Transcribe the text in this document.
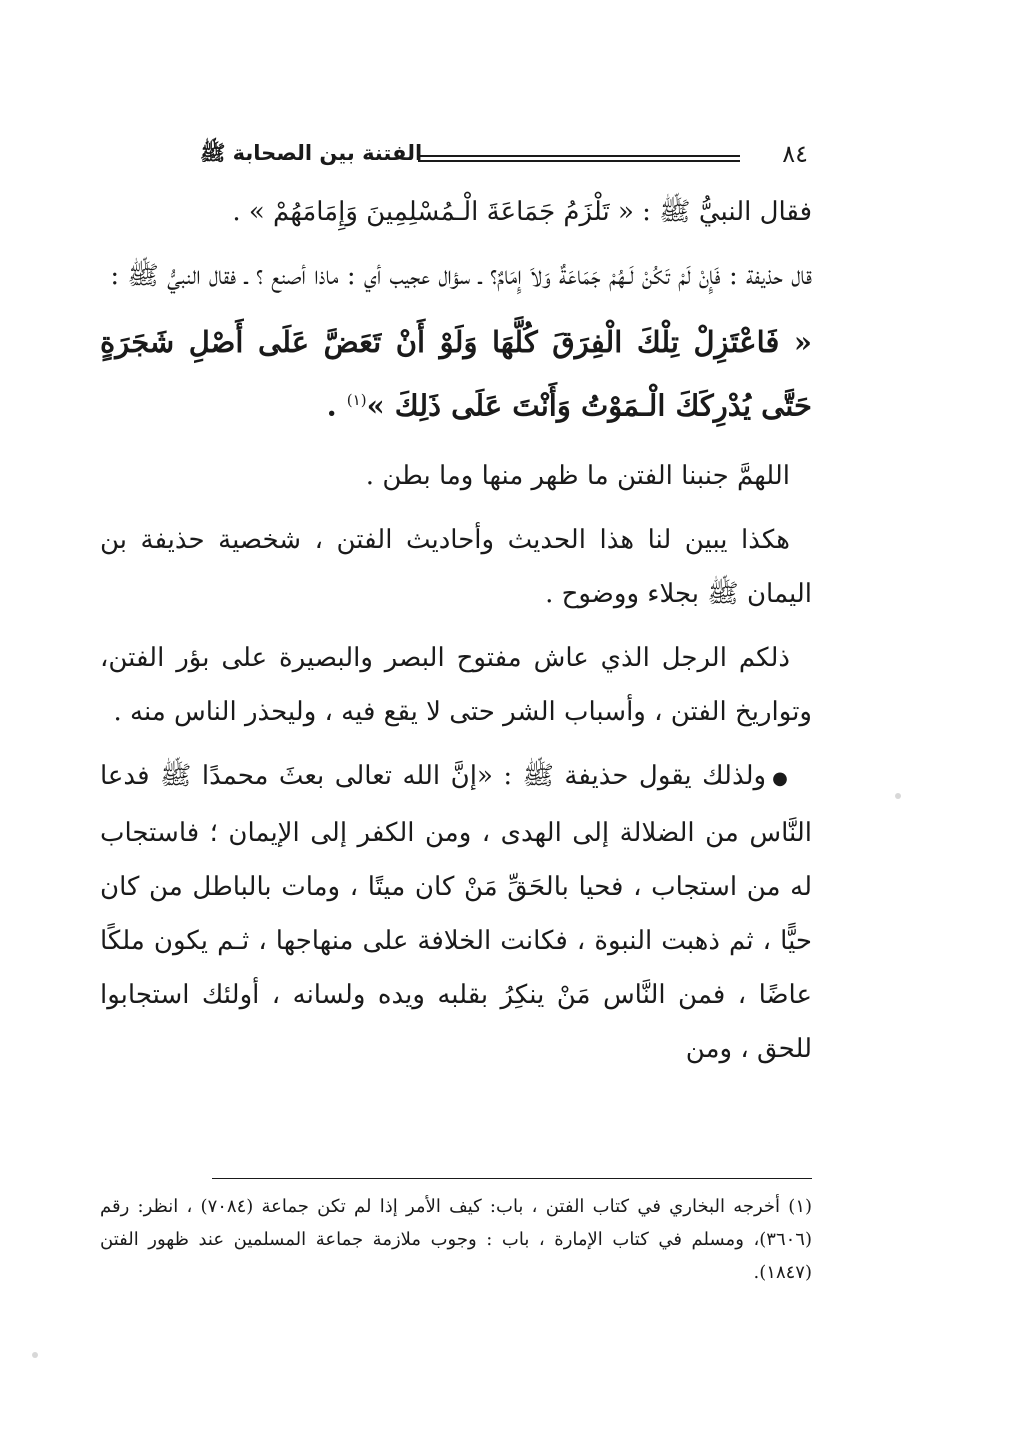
الفتنة بين الصحابة ﷺ	٨٤

فقال النبيُّ ﷺ : « تَلْزَمُ جَمَاعَةَ الْـمُسْلِمِينَ وَإِمَامَهُمْ » .

قال حذيفة : فَإِنْ لَمْ تَكُنْ لَـهُمْ جَمَاعَةٌ وَلاَ إِمَامٌ؟ ـ سؤال عجيب أي : ماذا أصنع ؟ ـ فقال النبيُّ ﷺ :

« فَاعْتَزِلْ تِلْكَ الْفِرَقَ كُلَّهَا وَلَوْ أَنْ تَعَضَّ عَلَى أَصْلِ شَجَرَةٍ حَتَّى يُدْرِكَكَ الْـمَوْتُ وَأَنْتَ عَلَى ذَلِكَ »$^{(١)}$ .

اللهمَّ جنبنا الفتن ما ظهر منها وما بطن .

هكذا يبين لنا هذا الحديث وأحاديث الفتن ، شخصية حذيفة بن اليمان ﷺ بجلاء ووضوح .

ذلكم الرجل الذي عاش مفتوح البصر والبصيرة على بؤر الفتن، وتواريخ الفتن ، وأسباب الشر حتى لا يقع فيه ، وليحذر الناس منه .

●ولذلك يقول حذيفة ﷺ : «إنَّ الله تعالى بعثَ محمدًا ﷺ فدعا النَّاس من الضلالة إلى الهدى ، ومن الكفر إلى الإيمان ؛ فاستجاب له من استجاب ، فحيا بالحَقِّ مَنْ كان ميتًا ، ومات بالباطل من كان حيًّا ، ثم ذهبت النبوة ، فكانت الخلافة على منهاجها ، ثـم يكون ملكًا عاضًا ، فمن النَّاس مَنْ ينكِرُ بقلبه ويده ولسانه ، أولئك استجابوا للحق ، ومن

(١) أخرجه البخاري في كتاب الفتن ، باب: كيف الأمر إذا لم تكن جماعة (٧٠٨٤) ، انظر: رقم (٣٦٠٦)، ومسلم في كتاب الإمارة ، باب : وجوب ملازمة جماعة المسلمين عند ظهور الفتن (١٨٤٧).
